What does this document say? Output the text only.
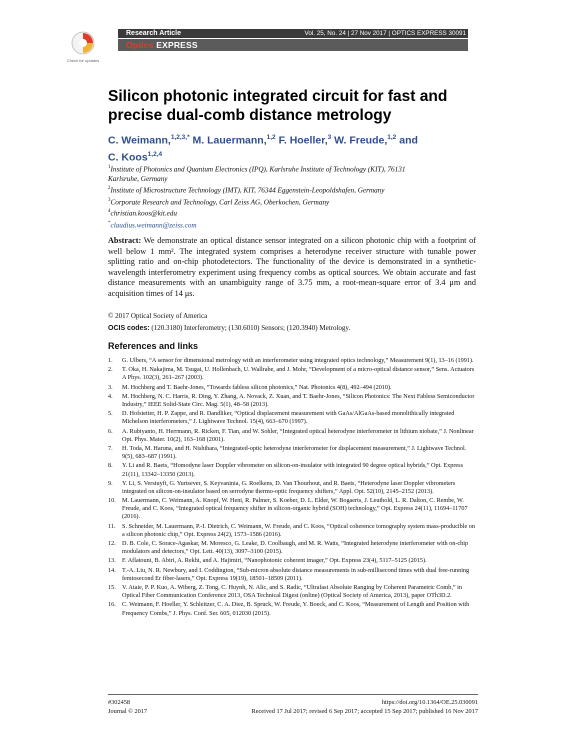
Research Article	Vol. 25, No. 24 | 27 Nov 2017 | OPTICS EXPRESS 30091
Optics EXPRESS
Check for updates
Silicon photonic integrated circuit for fast and precise dual-comb distance metrology
C. Weimann,$^{1,2,3,*}$ M. Lauermann,$^{1,2}$ F. Hoeller,$^3$ W. Freude,$^{1,2}$ and
C. Koos$^{1,2,4}$
$^1$Institute of Photonics and Quantum Electronics (IPQ), Karlsruhe Institute of Technology (KIT), 76131
Karlsruhe, Germany
$^2$Institute of Microstructure Technology (IMT), KIT, 76344 Eggenstein-Leopoldshafen, Germany
$^3$Corporate Research and Technology, Carl Zeiss AG, Oberkochen, Germany
$^4$christian.koos@kit.edu
*claudius.weimann@zeiss.com
Abstract: We demonstrate an optical distance sensor integrated on a silicon photonic chip with a footprint of well below 1 mm². The integrated system comprises a heterodyne receiver structure with tunable power splitting ratio and on-chip photodetectors. The functionality of the device is demonstrated in a synthetic-wavelength interferometry experiment using frequency combs as optical sources. We obtain accurate and fast distance measurements with an unambiguity range of 3.75 mm, a root-mean-square error of 3.4 μm and acquisition times of 14 μs.
© 2017 Optical Society of America
OCIS codes: (120.3180) Interferometry; (130.6010) Sensors; (120.3940) Metrology.
References and links
1.	G. Ulbers, “A sensor for dimensional metrology with an interferometer using integrated optics technology,” Measurement 9(1), 13–16 (1991).
2.	T. Oka, H. Nakajima, M. Tsugai, U. Hollenbach, U. Wallrabe, and J. Mohr, “Development of a micro-optical distance sensor,” Sens. Actuators A Phys. 102(3), 261–267 (2003).
3.	M. Hochberg and T. Baehr-Jones, “Towards fabless silicon photonics,” Nat. Photonics 4(8), 492–494 (2010).
4.	M. Hochberg, N. C. Harris, R. Ding, Y. Zhang, A. Novack, Z. Xuan, and T. Baehr-Jones, “Silicon Photonics: The Next Fabless Semiconductor Industry,” IEEE Solid-State Circ. Mag. 5(1), 48–58 (2013).
5.	D. Hofstetter, H. P. Zappe, and R. Dandliker, “Optical displacement measurement with GaAs/AlGaAs-based monolithically integrated Michelson interferometers,” J. Lightwave Technol. 15(4), 663–670 (1997).
6.	A. Rubiyanto, H. Herrmann, R. Ricken, F. Tian, and W. Sohler, “Integrated optical heterodyne interferometer in lithium niobate,” J. Nonlinear Opt. Phys. Mater. 10(2), 163–168 (2001).
7.	H. Toda, M. Haruna, and H. Nishihara, “Integrated-optic heterodyne interferometer for displacement measurement,” J. Lightwave Technol. 9(5), 683–687 (1991).
8.	Y. Li and R. Baets, “Homodyne laser Doppler vibrometer on silicon-on-insulator with integrated 90 degree optical hybrids,” Opt. Express 21(11), 13342–13350 (2013).
9.	Y. Li, S. Verstuyft, G. Yurtsever, S. Keyvaninia, G. Roelkens, D. Van Thourhout, and R. Baets, “Heterodyne laser Doppler vibrometers integrated on silicon-on-insulator based on serrodyne thermo-optic frequency shifters,” Appl. Opt. 52(10), 2145–2152 (2013).
10.	M. Lauermann, C. Weimann, A. Knopf, W. Heni, R. Palmer, S. Koeber, D. L. Elder, W. Bogaerts, J. Leuthold, L. R. Dalton, C. Rembe, W. Freude, and C. Koos, “Integrated optical frequency shifter in silicon-organic hybrid (SOH) technology,” Opt. Express 24(11), 11694–11707 (2016).
11.	S. Schneider, M. Lauermann, P.-I. Dietrich, C. Weimann, W. Freude, and C. Koos, “Optical coherence tomography system mass-producible on a silicon photonic chip,” Opt. Express 24(2), 1573–1586 (2016).
12.	D. B. Cole, C. Sorace-Agaskar, M. Moresco, G. Leake, D. Coolbaugh, and M. R. Watts, “Integrated heterodyne interferometer with on-chip modulators and detectors,” Opt. Lett. 40(13), 3097–3100 (2015).
13.	F. Aflatouni, B. Abiri, A. Rekhi, and A. Hajimiri, “Nanophotonic coherent imager,” Opt. Express 23(4), 5117–5125 (2015).
14.	T.-A. Liu, N. R. Newbury, and I. Coddington, “Sub-micron absolute distance measurements in sub-millisecond times with dual free-running femtosecond Er fiber-lasers,” Opt. Express 19(19), 18501–18509 (2011).
15.	V. Ataie, P. P. Kuo, A. Wiberg, Z. Tong, C. Huynh, N. Alic, and S. Radic, “Ultrafast Absolute Ranging by Coherent Parametric Comb,” in Optical Fiber Communication Conference 2013, OSA Technical Digest (online) (Optical Society of America, 2013), paper OTh3D.2.
16.	C. Weimann, F. Hoeller, Y. Schleitzer, C. A. Diez, B. Spruck, W. Freude, Y. Boeck, and C. Koos, “Measurement of Length and Position with Frequency Combs,” J. Phys. Conf. Ser. 605, 012030 (2015).
#302458	https://doi.org/10.1364/OE.25.030091
Journal © 2017	Received 17 Jul 2017; revised 6 Sep 2017; accepted 15 Sep 2017; published 16 Nov 2017
